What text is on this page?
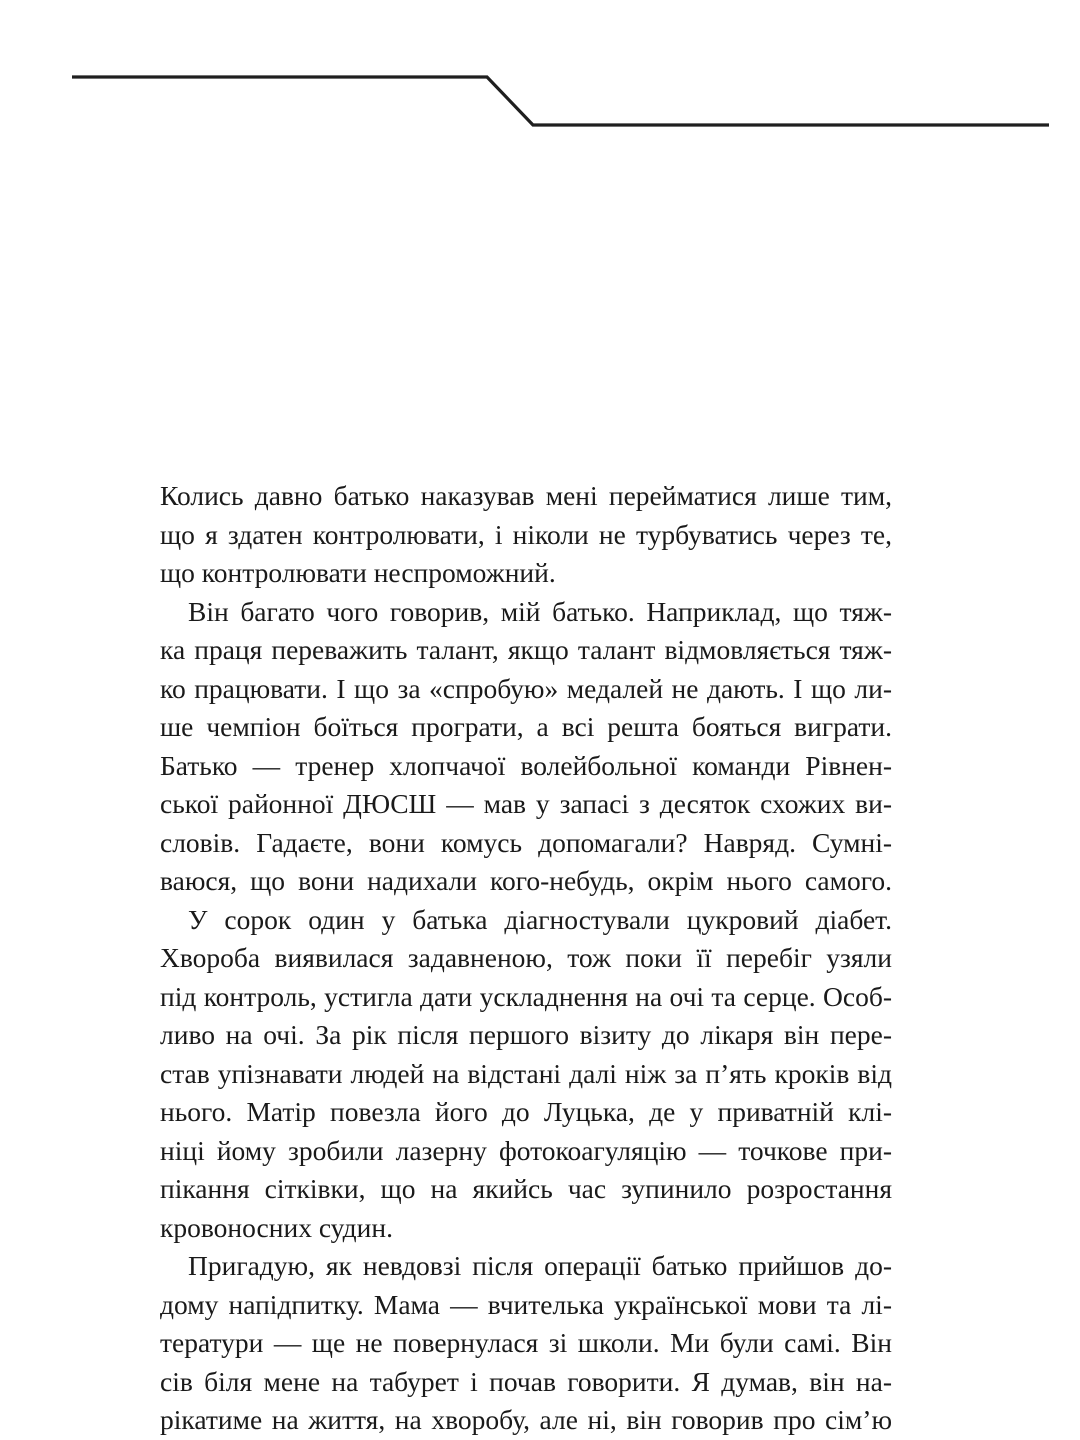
Колись давно батько наказував мені перейматися лише тим,
що я здатен контролювати, і ніколи не турбуватись через те,
що контролювати неспроможний.
Він багато чого говорив, мій батько. Наприклад, що тяж-
ка праця переважить талант, якщо талант відмовляється тяж-
ко працювати. І що за «спробую» медалей не дають. І що ли-
ше чемпіон боїться програти, а всі решта бояться виграти.
Батько — тренер хлопчачої волейбольної команди Рівнен-
ської районної ДЮСШ — мав у запасі з десяток схожих ви-
словів. Гадаєте, вони комусь допомагали? Навряд. Сумні-
ваюся, що вони надихали кого-небудь, окрім нього самого.
У сорок один у батька діагностували цукровий діабет.
Хвороба виявилася задавненою, тож поки її перебіг узяли
під контроль, устигла дати ускладнення на очі та серце. Особ-
ливо на очі. За рік після першого візиту до лікаря він пере-
став упізнавати людей на відстані далі ніж за п’ять кроків від
нього. Матір повезла його до Луцька, де у приватній клі-
ніці йому зробили лазерну фотокоагуляцію — точкове при-
пікання сітківки, що на якийсь час зупинило розростання
кровоносних судин.
Пригадую, як невдовзі після операції батько прийшов до-
дому напідпитку. Мама — вчителька української мови та лі-
тератури — ще не повернулася зі школи. Ми були самі. Він
сів біля мене на табурет і почав говорити. Я думав, він на-
рікатиме на життя, на хворобу, але ні, він говорив про сім’ю
